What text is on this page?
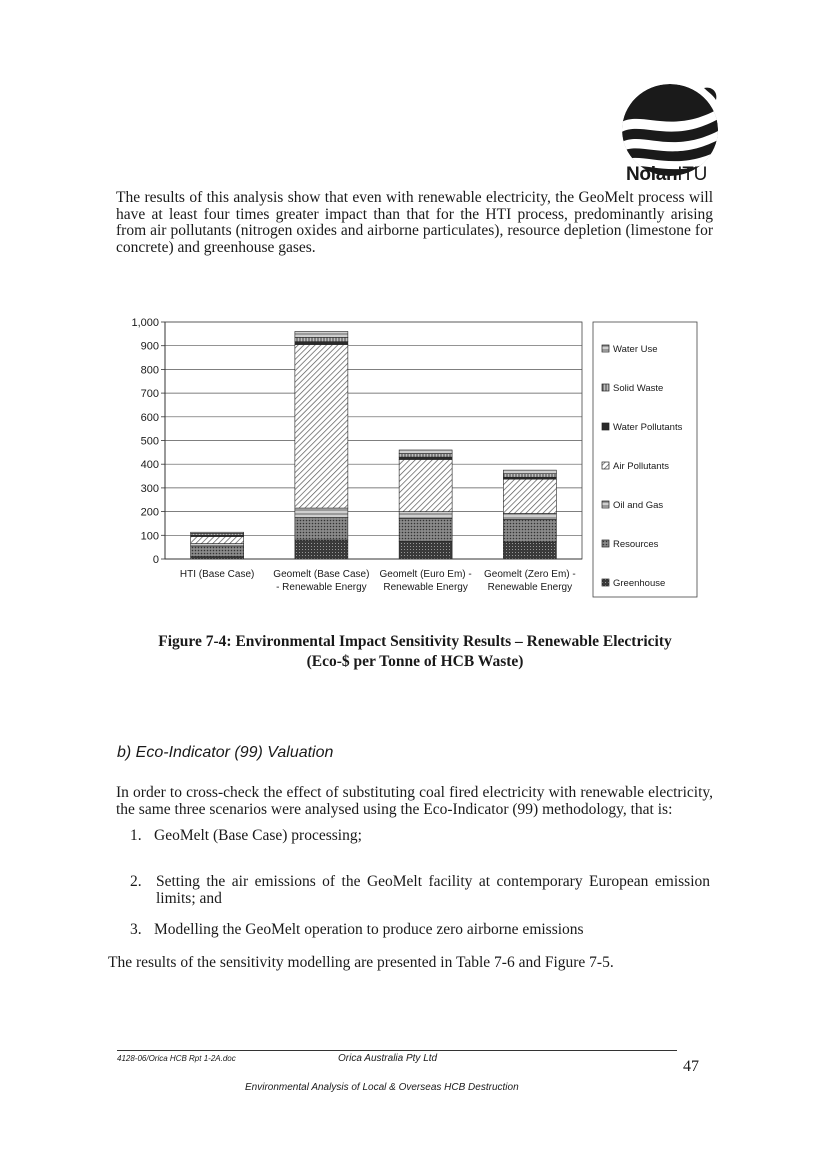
NolanITU
The results of this analysis show that even with renewable electricity, the GeoMelt process will have at least four times greater impact than that for the HTI process, predominantly arising from air pollutants (nitrogen oxides and airborne particulates), resource depletion (limestone for concrete) and greenhouse gases.
0
100
200
300
400
500
600
700
800
900
1,000
HTI (Base Case) Geomelt (Base Case)
- Renewable Energy
Geomelt (Euro Em) -
Renewable Energy
Geomelt (Zero Em) -
Renewable Energy
Water Use
Solid Waste
Water Pollutants
Air Pollutants
Oil and Gas
Resources
Greenhouse
Figure 7-4: Environmental Impact Sensitivity Results – Renewable Electricity
(Eco-$ per Tonne of HCB Waste)
b) Eco-Indicator (99) Valuation
In order to cross-check the effect of substituting coal fired electricity with renewable electricity, the same three scenarios were analysed using the Eco-Indicator (99) methodology, that is:
1. GeoMelt (Base Case) processing;
2. Setting the air emissions of the GeoMelt facility at contemporary European emission limits; and
3. Modelling the GeoMelt operation to produce zero airborne emissions
The results of the sensitivity modelling are presented in Table 7-6 and Figure 7-5.
4128-06/Orica HCB Rpt 1-2A.doc	Orica Australia Pty Ltd	47
Environmental Analysis of Local & Overseas HCB Destruction
